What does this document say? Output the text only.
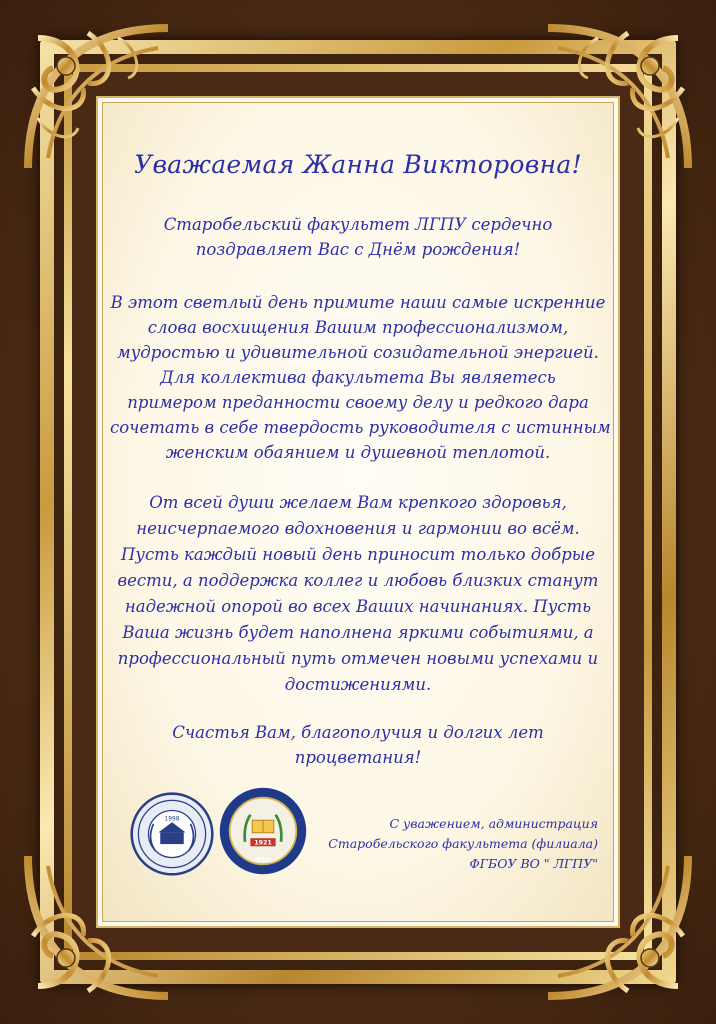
Уважаемая Жанна Викторовна!
Старобельский факультет ЛГПУ сердечно
поздравляет Вас с Днём рождения!
В этот светлый день примите наши самые искренние
слова восхищения Вашим профессионализмом,
мудростью и удивительной созидательной энергией.
Для коллектива факультета Вы являетесь
примером преданности своему делу и редкого дара
сочетать в себе твердость руководителя с истинным
женским обаянием и душевной теплотой.
От всей души желаем Вам крепкого здоровья,
неисчерпаемого вдохновения и гармонии во всём.
Пусть каждый новый день приносит только добрые
вести, а поддержка коллег и любовь близких станут
надежной опорой во всех Ваших начинаниях. Пусть
Ваша жизнь будет наполнена яркими событиями, а
профессиональный путь отмечен новыми успехами и
достижениями.
Счастья Вам, благополучия и долгих лет
процветания!
1998
1921
ЛГПУ
С уважением, администрация
Старобельского факультета (филиала)
ФГБОУ ВО " ЛГПУ"
